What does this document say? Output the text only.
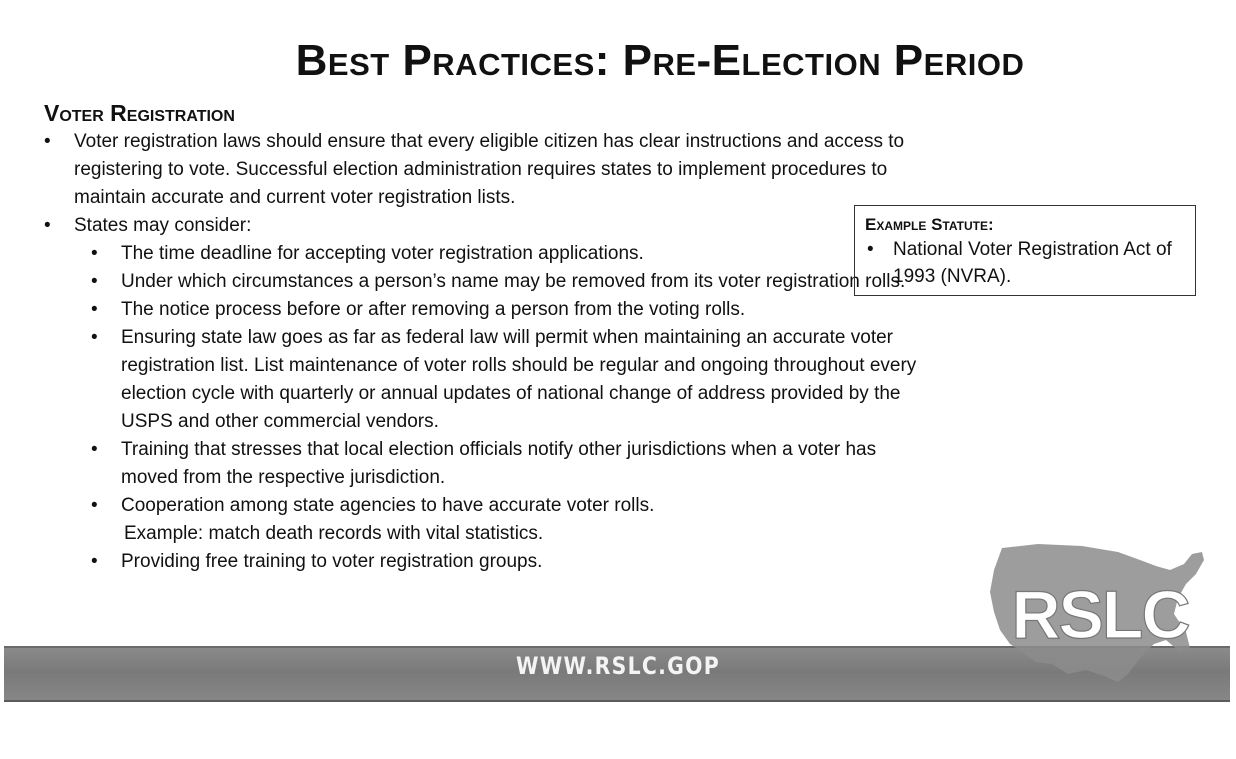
Best Practices: Pre-Election Period
Voter Registration
• Voter registration laws should ensure that every eligible citizen has clear instructions and access to registering to vote. Successful election administration requires states to implement procedures to maintain accurate and current voter registration lists.
• States may consider:
• The time deadline for accepting voter registration applications.
• Under which circumstances a person’s name may be removed from its voter registration rolls.
• The notice process before or after removing a person from the voting rolls.
• Ensuring state law goes as far as federal law will permit when maintaining an accurate voter registration list. List maintenance of voter rolls should be regular and ongoing throughout every election cycle with quarterly or annual updates of national change of address provided by the USPS and other commercial vendors.
• Training that stresses that local election officials notify other jurisdictions when a voter has moved from the respective jurisdiction.
• Cooperation among state agencies to have accurate voter rolls.
Example: match death records with vital statistics.
• Providing free training to voter registration groups.
Example Statute:
• National Voter Registration Act of 1993 (NVRA).
WWW.RSLC.GOP
RSLC
